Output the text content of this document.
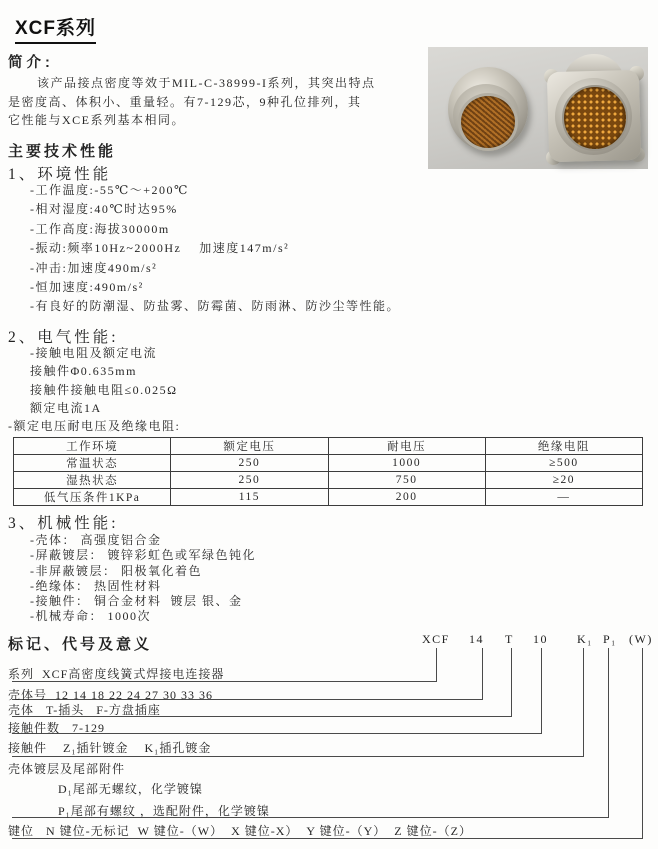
XCF系列
简介:
该产品接点密度等效于MIL-C-38999-I系列，其突出特点
是密度高、体积小、重量轻。有7-129芯，9种孔位排列，其
它性能与XCE系列基本相同。
主要技术性能
1、环境性能
-工作温度:-55℃～+200℃
-相对湿度:40℃时达95%
-工作高度:海拔30000m
-振动:频率10Hz~2000Hz    加速度147m/s²
-冲击:加速度490m/s²
-恒加速度:490m/s²
-有良好的防潮湿、防盐雾、防霉菌、防雨淋、防沙尘等性能。
2、电气性能:
-接触电阻及额定电流
接触件Φ0.635mm
接触件接触电阻≤0.025Ω
额定电流1A
-额定电压耐电压及绝缘电阻:
工作环境	额定电压	耐电压	绝缘电阻
常温状态	250	1000	≥500
湿热状态	250	750	≥20
低气压条件1KPa	115	200	—
3、机械性能:
-壳体： 高强度铝合金
-屏蔽镀层： 镀锌彩虹色或军绿色钝化
-非屏蔽镀层： 阳极氧化着色
-绝缘体： 热固性材料
-接触件： 铜合金材料  镀层 银、金
-机械寿命： 1000次
标记、代号及意义	XCF 14 T 10 K₁ P₁ (W)
系列  XCF高密度线簧式焊接电连接器
壳体号  12 14 18 22 24 27 30 33 36
壳体   T-插头   F-方盘插座
接触件数   7-129
接触件    Z₁插针镀金    K₁插孔镀金
壳体镀层及尾部附件
D₁尾部无螺纹，化学镀镍
P₁尾部有螺纹 ，选配附件，化学镀镍
键位   N 键位-无标记  W 键位-（W）  X 键位-X）  Y 键位-（Y）  Z 键位-（Z）
